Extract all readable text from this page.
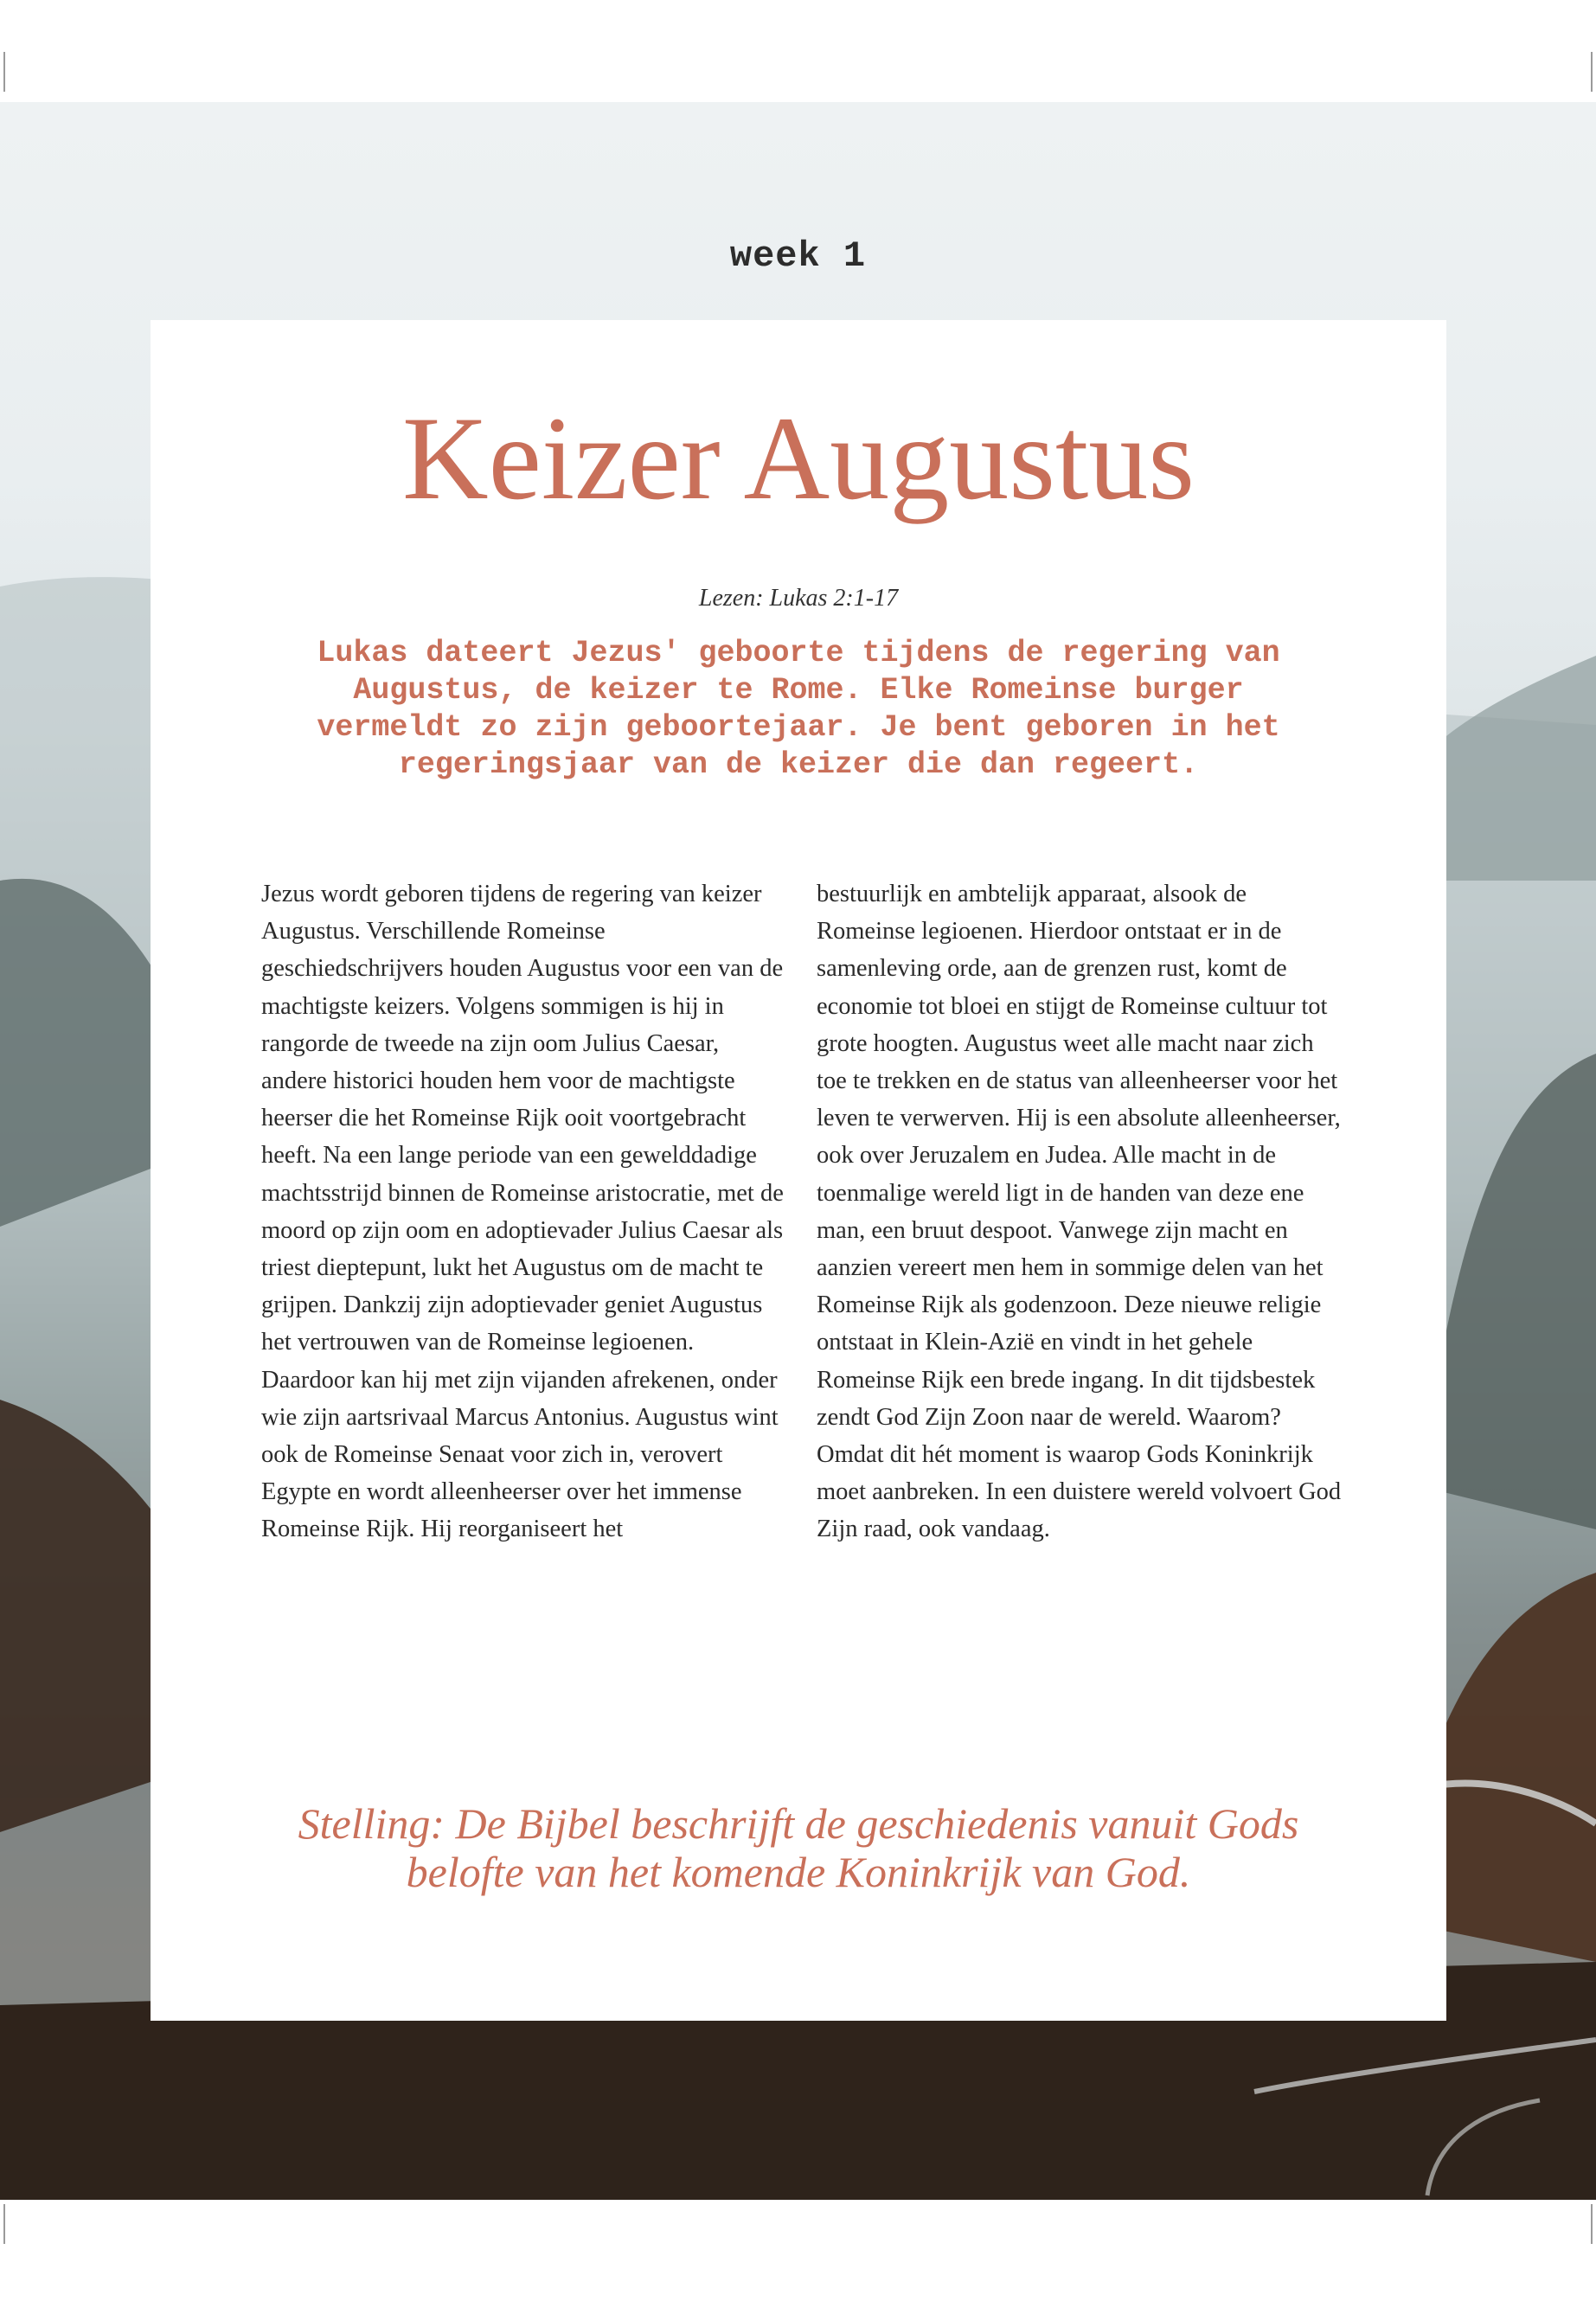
week 1
Keizer Augustus
Lezen: Lukas 2:1-17
Lukas dateert Jezus' geboorte tijdens de regering van Augustus, de keizer te Rome. Elke Romeinse burger vermeldt zo zijn geboortejaar. Je bent geboren in het regeringsjaar van de keizer die dan regeert.
Jezus wordt geboren tijdens de regering van keizer Augustus. Verschillende Romeinse geschiedschrijvers houden Augustus voor een van de machtigste keizers. Volgens sommigen is hij in rangorde de tweede na zijn oom Julius Caesar, andere historici houden hem voor de machtigste heerser die het Romeinse Rijk ooit voortgebracht heeft. Na een lange periode van een gewelddadige machtsstrijd binnen de Romeinse aristocratie, met de moord op zijn oom en adoptievader Julius Caesar als triest dieptepunt, lukt het Augustus om de macht te grijpen. Dankzij zijn adoptievader geniet Augustus het vertrouwen van de Romeinse legioenen. Daardoor kan hij met zijn vijanden afrekenen, onder wie zijn aartsrivaal Marcus Antonius. Augustus wint ook de Romeinse Senaat voor zich in, verovert Egypte en wordt alleenheerser over het immense Romeinse Rijk. Hij reorganiseert het
bestuurlijk en ambtelijk apparaat, alsook de Romeinse legioenen. Hierdoor ontstaat er in de samenleving orde, aan de grenzen rust, komt de economie tot bloei en stijgt de Romeinse cultuur tot grote hoogten. Augustus weet alle macht naar zich toe te trekken en de status van alleenheerser voor het leven te verwerven. Hij is een absolute alleenheerser, ook over Jeruzalem en Judea. Alle macht in de toenmalige wereld ligt in de handen van deze ene man, een bruut despoot. Vanwege zijn macht en aanzien vereert men hem in sommige delen van het Romeinse Rijk als godenzoon. Deze nieuwe religie ontstaat in Klein-Azië en vindt in het gehele Romeinse Rijk een brede ingang. In dit tijdsbestek zendt God Zijn Zoon naar de wereld. Waarom? Omdat dit hét moment is waarop Gods Koninkrijk moet aanbreken. In een duistere wereld volvoert God Zijn raad, ook vandaag.
Stelling: De Bijbel beschrijft de geschiedenis vanuit Gods belofte van het komende Koninkrijk van God.
